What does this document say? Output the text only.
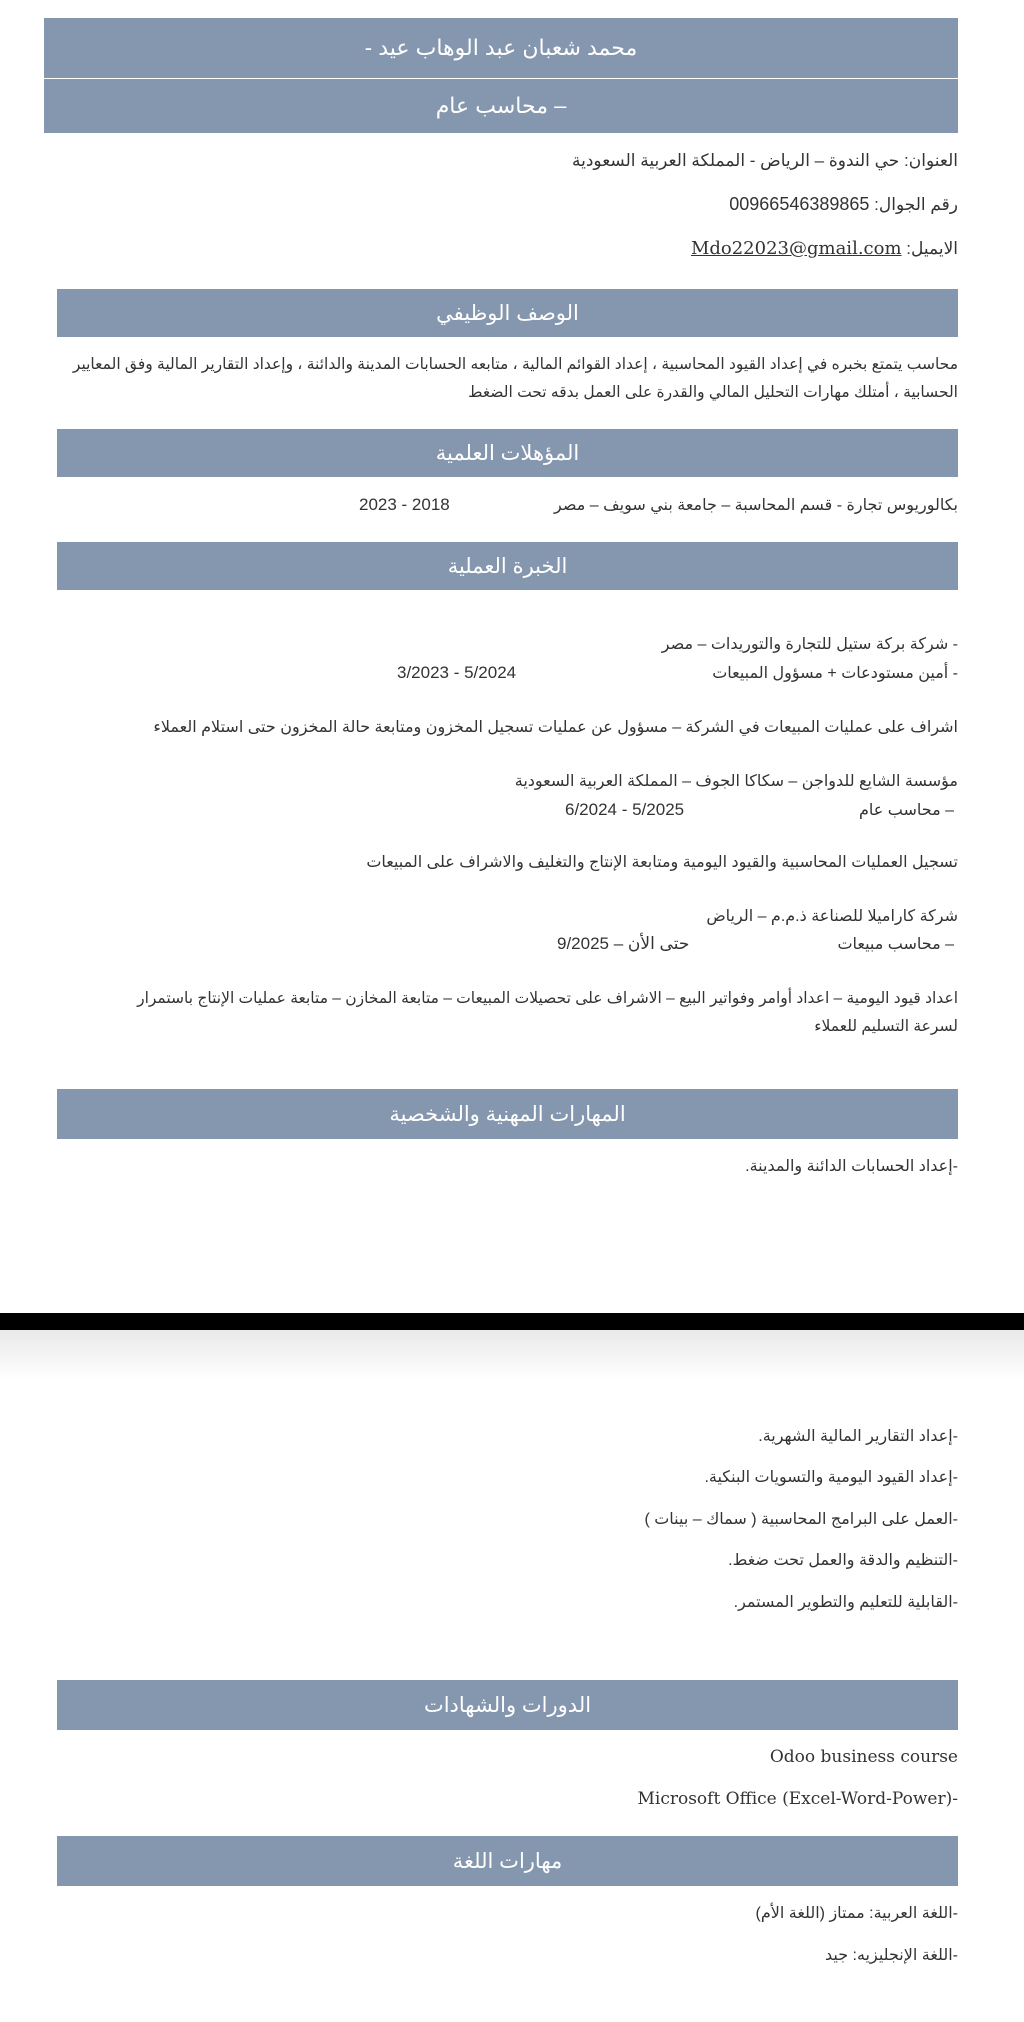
محمد شعبان عبد الوهاب عيد -
– محاسب عام
العنوان: حي الندوة – الرياض - المملكة العربية السعودية
رقم الجوال: 00966546389865
الايميل: Mdo22023@gmail.com
الوصف الوظيفي
محاسب يتمتع بخبره في إعداد القيود المحاسبية ، إعداد القوائم المالية ، متابعه الحسابات المدينة والدائنة ، وإعداد التقارير المالية وفق المعايير
الحسابية ، أمتلك مهارات التحليل المالي والقدرة على العمل بدقه تحت الضغط
المؤهلات العلمية
بكالوريوس تجارة - قسم المحاسبة – جامعة بني سويف – مصر
2023 - 2018
الخبرة العملية
- شركة بركة ستيل للتجارة والتوريدات – مصر
- أمين مستودعات + مسؤول المبيعات
3/2023 - 5/2024
اشراف على عمليات المبيعات في الشركة – مسؤول عن عمليات تسجيل المخزون ومتابعة حالة المخزون حتى استلام العملاء
مؤسسة الشايع للدواجن – سكاكا الجوف – المملكة العربية السعودية
– محاسب عام
6/2024 - 5/2025
تسجيل العمليات المحاسبية والقيود اليومية ومتابعة الإنتاج والتغليف والاشراف على المبيعات
شركة كاراميلا للصناعة ذ.م.م – الرياض
– محاسب مبيعات
9/2025 – حتى الأن
اعداد قيود اليومية – اعداد أوامر وفواتير البيع – الاشراف على تحصيلات المبيعات – متابعة المخازن – متابعة عمليات الإنتاج باستمرار
لسرعة التسليم للعملاء
المهارات المهنية والشخصية
-إعداد الحسابات الدائنة والمدينة.
-إعداد التقارير المالية الشهرية.
-إعداد القيود اليومية والتسويات البنكية.
-العمل على البرامج المحاسبية ( سماك – بينات )
-التنظيم والدقة والعمل تحت ضغط.
-القابلية للتعليم والتطوير المستمر.
الدورات والشهادات
Odoo business course
Microsoft Office (Excel-Word-Power)-
مهارات اللغة
-اللغة العربية: ممتاز (اللغة الأم)
-اللغة الإنجليزيه: جيد
